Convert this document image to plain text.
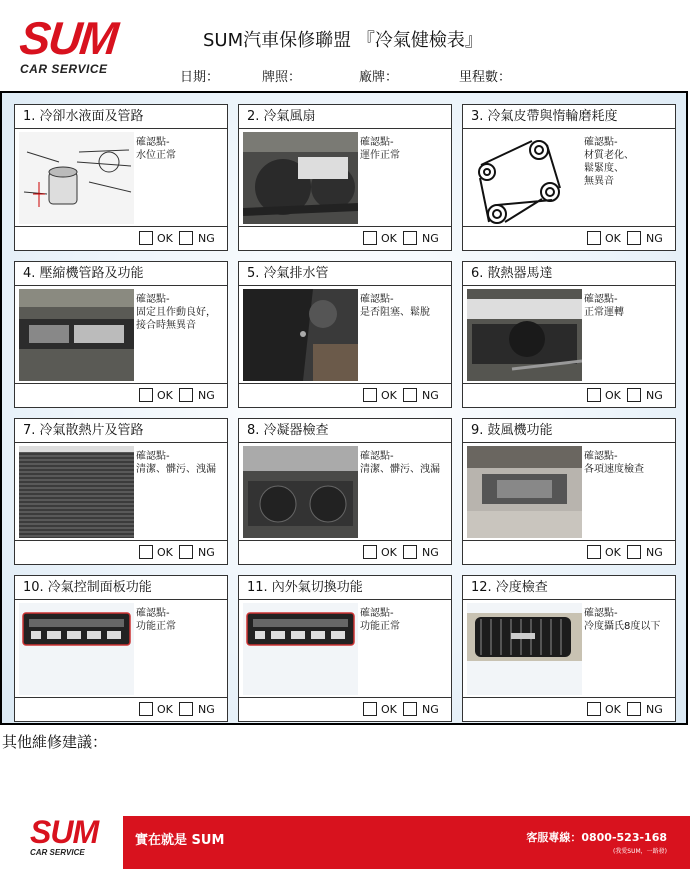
SUM
CAR SERVICE
SUM汽車保修聯盟 『冷氣健檢表』
日期：	牌照：	廠牌：	里程數：
1. 冷卻水液面及管路
確認點-
水位正常
OK NG
2. 冷氣風扇
確認點-
運作正常
OK NG
3. 冷氣皮帶與惰輪磨耗度
確認點-
材質老化、
鬆緊度、
無異音
OK NG
4. 壓縮機管路及功能
確認點-
固定且作動良好，
接合時無異音
OK NG
5. 冷氣排水管
確認點-
是否阻塞、鬆脫
OK NG
6. 散熱器馬達
確認點-
正常運轉
OK NG
7. 冷氣散熱片及管路
確認點-
清潔、髒污、洩漏
OK NG
8. 冷凝器檢查
確認點-
清潔、髒污、洩漏
OK NG
9. 鼓風機功能
確認點-
各項速度檢查
OK NG
10. 冷氣控制面板功能
確認點-
功能正常
OK NG
11. 內外氣切換功能
確認點-
功能正常
OK NG
12. 冷度檢查
確認點-
冷度攝氏8度以下
OK NG
其他維修建議：
SUM
CAR SERVICE
實在就是 SUM	客服專線：0800-523-168
(我愛SUM，一路發)
